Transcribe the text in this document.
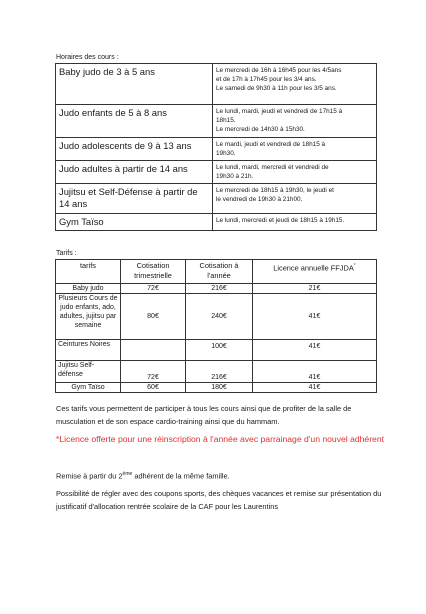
Horaires des cours :
Baby judo de 3 à 5 ans	Le mercredi de 16h à 16h45 pour les 4/5ans
et de 17h à 17h45 pour les 3/4 ans.
Le samedi de 9h30 à 11h pour les 3/5 ans.

Judo enfants de 5 à 8 ans	Le lundi, mardi, jeudi et vendredi de 17h15 à
18h15.
Le mercredi de 14h30 à 15h30.

Judo adolescents de 9 à 13 ans	Le mardi, jeudi et vendredi de 18h15 à
19h30.

Judo adultes à partir de 14 ans	Le lundi, mardi, mercredi et vendredi de
19h30 à 21h.

Jujitsu et Self-Défense à partir de 14 ans	Le mercredi de 18h15 à 19h30, le jeudi et
le vendredi de 19h30 à 21h00.

Gym Taïso	Le lundi, mercredi et jeudi de 18h15 à 19h15.
Tarifs :
tarifs	Cotisation trimestrielle	Cotisation à l'année	Licence annuelle FFJDA*
Baby judo	72€	216€	21€
Plusieurs Cours de judo enfants, ado, adultes, jujitsu par semaine	80€	240€	41€
Ceintures Noires		100€	41€
Jujitsu Self-défense	72€	216€	41€
Gym Taïso	60€	180€	41€
Ces tarifs vous permettent de participer à tous les cours ainsi que de profiter de la salle de musculation et de son espace cardio-training ainsi que du hammam.
*Licence offerte pour une réinscription à l'année avec parrainage d'un nouvel adhérent
Remise à partir du 2ème adhérent de la même famille.
Possibilité de régler avec des coupons sports, des chèques vacances et remise sur présentation du justificatif d'allocation rentrée scolaire de la CAF pour les Laurentins
